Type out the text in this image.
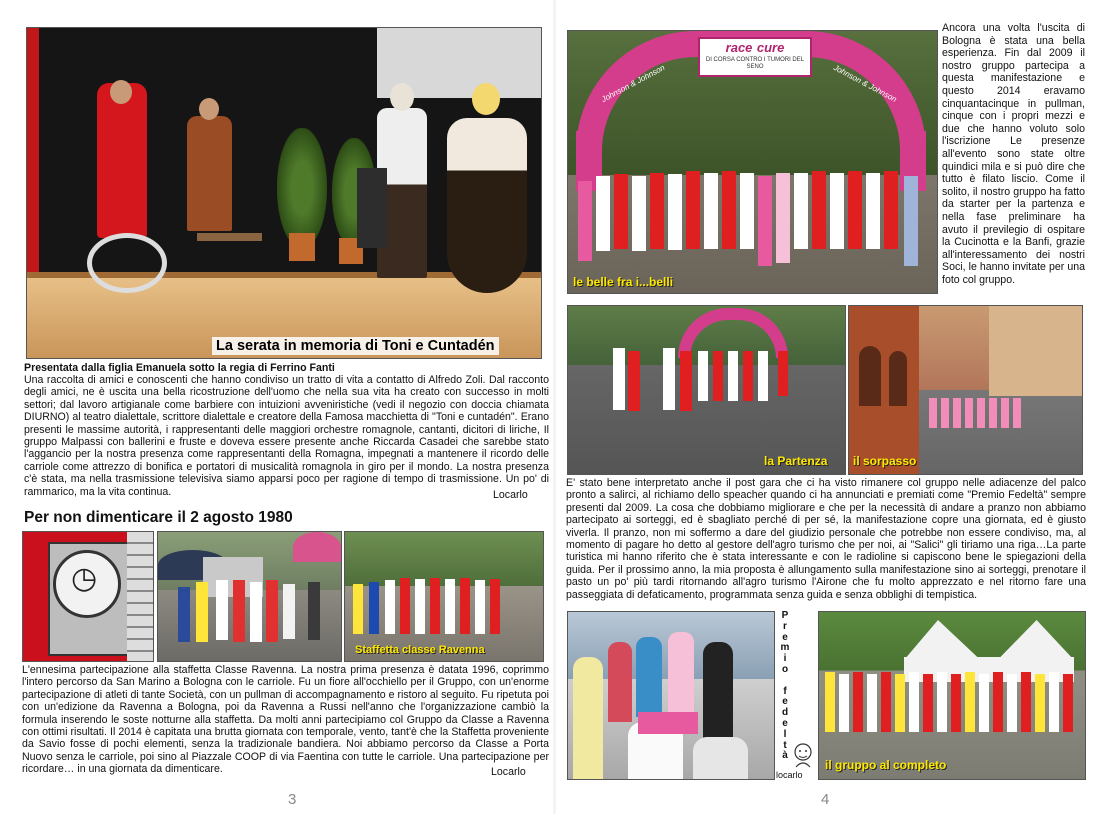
La serata in memoria di Toni e Cuntadén
Presentata dalla figlia Emanuela sotto la regia di Ferrino Fanti
Una raccolta di amici e conoscenti che hanno condiviso un tratto di vita a contatto di Alfredo Zoli. Dal racconto degli amici, ne è uscita una bella ricostruzione dell'uomo che nella sua vita ha creato con successo in molti settori; dal lavoro artigianale come barbiere con intuizioni avveniristiche (vedi il negozio con doccia chiamata DIURNO) al teatro dialettale, scrittore dialettale e creatore della Famosa macchietta di "Toni e cuntadén". Erano presenti le massime autorità, i rappresentanti delle maggiori orchestre romagnole, cantanti, dicitori di liriche, Il gruppo Malpassi con ballerini e fruste e doveva essere presente anche Riccarda Casadei che sarebbe stato l'aggancio per la nostra presenza come rappresentanti della Romagna, impegnati a mantenere il ricordo delle carriole come attrezzo di bonifica e portatori di musicalità romagnola in giro per il mondo. La nostra presenza c'è stata, ma nella trasmissione televisiva siamo apparsi poco per ragione di tempo di trasmissione. Un po' di rammarico, ma la vita continua.	Locarlo
Per non dimenticare il 2 agosto 1980
◷
Staffetta classe Ravenna
L'ennesima partecipazione alla staffetta Classe Ravenna. La nostra prima presenza è datata 1996, coprimmo l'intero percorso da San Marino a Bologna con le carriole. Fu un fiore all'occhiello per il Gruppo, con un'enorme partecipazione di atleti di tante Società, con un pullman di accompagnamento e ristoro al seguito. Fu ripetuta poi con un'edizione da Ravenna a Bologna, poi da Ravenna a Russi nell'anno che l'organizzazione cambiò la formula inserendo le soste notturne alla staffetta. Da molti anni partecipiamo col Gruppo da Classe a Ravenna con ottimi risultati. Il 2014 è capitata una brutta giornata con temporale, vento, tant'è che la Staffetta proveniente da Savio fosse di pochi elementi, senza la tradizionale bandiera. Noi abbiamo percorso da Classe a Porta Nuovo senza le carriole, poi sino al Piazzale COOP di via Faentina con tutte le carriole. Una partecipazione per ricordare… in una giornata da dimenticare.	Locarlo
3
race cure
DI CORSA CONTRO I TUMORI DEL SENO
Johnson & Johnson	Johnson & Johnson
le belle fra i...belli
Ancora una volta l'uscita di Bologna è stata una bella esperienza. Fin dal 2009 il nostro gruppo partecipa a questa manifestazione e questo 2014 eravamo cinquantacinque in pullman, cinque con i propri mezzi e due che hanno voluto solo l'iscrizione Le presenze all'evento sono state oltre quindici mila e si può dire che tutto è filato liscio. Come il solito, il nostro gruppo ha fatto da starter per la partenza e nella fase preliminare ha avuto il previlegio di ospitare la Cucinotta e la Banfi, grazie all'interessamento dei nostri Soci, le hanno invitate per una foto col gruppo.
la Partenza il sorpasso
E' stato bene interpretato anche il post gara che ci ha visto rimanere col gruppo nelle adiacenze del palco pronto a salirci, al richiamo dello speacher quando ci ha annunciati e premiati come "Premio Fedeltà" sempre presenti dal 2009. La cosa che dobbiamo migliorare e che per la necessità di andare a pranzo non abbiamo partecipato ai sorteggi, ed è sbagliato perché di per sé, la manifestazione copre una giornata, ed è giusto viverla. Il pranzo, non mi soffermo a dare del giudizio personale che potrebbe non essere condiviso, ma, al momento di pagare ho detto al gestore dell'agro turismo che per noi, ai "Salici" gli tiriamo una riga…La parte turistica mi hanno riferito che è stata interessante e con le radioline si capiscono bene le spiegazioni della guida. Per il prossimo anno, la mia proposta è allungamento sulla manifestazione sino ai sorteggi, prenotare il pasto un po' più tardi ritornando all'agro turismo l'Airone che fu molto apprezzato e nel ritorno fare una passeggiata di defaticamento, programmata senza guida e senza obblighi di tempistica.
P
r
e
m
i
o
f
e
d
e
l
t
à
locarlo
il gruppo al completo
4
